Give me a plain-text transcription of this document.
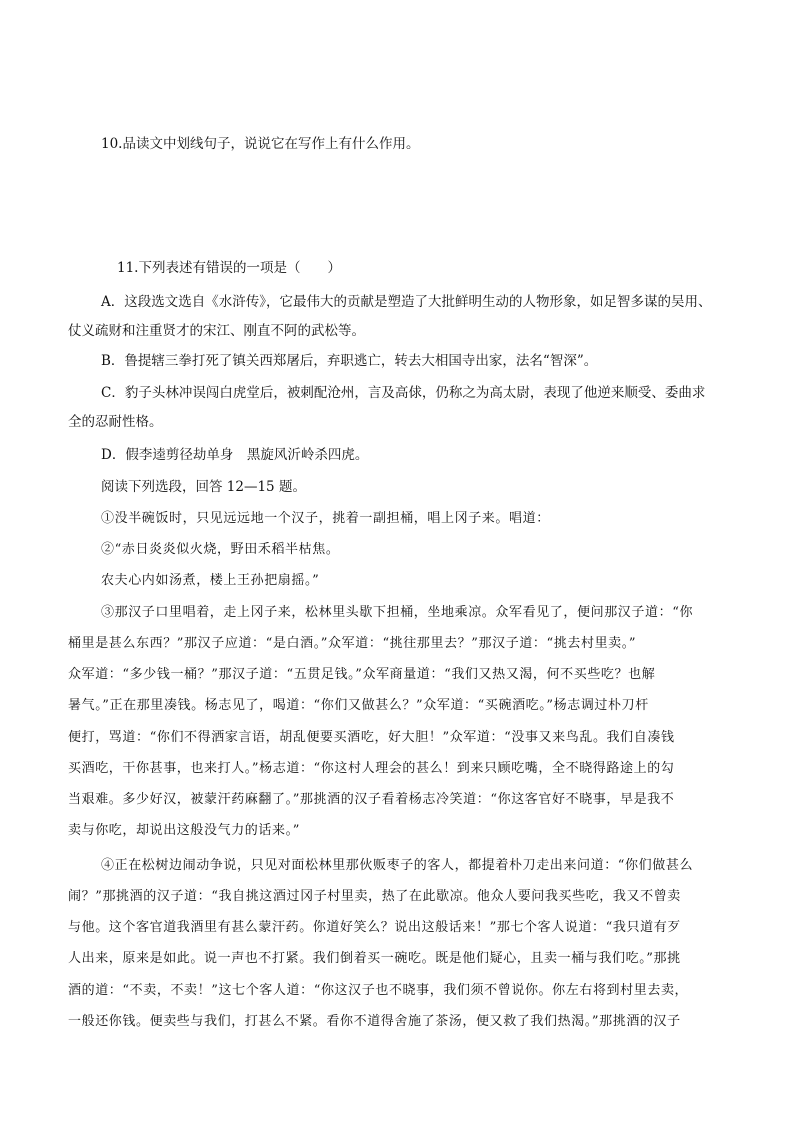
10.品读文中划线句子，说说它在写作上有什么作用。
11.下列表述有错误的一项是（　　）
A．这段选文选自《水浒传》，它最伟大的贡献是塑造了大批鲜明生动的人物形象，如足智多谋的吴用、
仗义疏财和注重贤才的宋江、刚直不阿的武松等。
B．鲁提辖三拳打死了镇关西郑屠后，弃职逃亡，转去大相国寺出家，法名“智深”。
C．豹子头林冲误闯白虎堂后，被刺配沧州，言及高俅，仍称之为高太尉，表现了他逆来顺受、委曲求
全的忍耐性格。
D．假李逵剪径劫单身　黑旋风沂岭杀四虎。
阅读下列选段，回答 12—15 题。
①没半碗饭时，只见远远地一个汉子，挑着一副担桶，唱上冈子来。唱道：
②“赤日炎炎似火烧，野田禾稻半枯焦。
农夫心内如汤煮，楼上王孙把扇摇。”
③那汉子口里唱着，走上冈子来，松林里头歇下担桶，坐地乘凉。众军看见了，便问那汉子道：“你
桶里是甚么东西？”那汉子应道：“是白酒。”众军道：“挑往那里去？”那汉子道：“挑去村里卖。”
众军道：“多少钱一桶？”那汉子道：“五贯足钱。”众军商量道：“我们又热又渴，何不买些吃？也解
暑气。”正在那里凑钱。杨志见了，喝道：“你们又做甚么？”众军道：“买碗酒吃。”杨志调过朴刀杆
便打，骂道：“你们不得洒家言语，胡乱便要买酒吃，好大胆！”众军道：“没事又来鸟乱。我们自凑钱
买酒吃，干你甚事，也来打人。”杨志道：“你这村人理会的甚么！到来只顾吃嘴，全不晓得路途上的勾
当艰难。多少好汉，被蒙汗药麻翻了。”那挑酒的汉子看着杨志冷笑道：“你这客官好不晓事，早是我不
卖与你吃，却说出这般没气力的话来。”
④正在松树边闹动争说，只见对面松林里那伙贩枣子的客人，都提着朴刀走出来问道：“你们做甚么
闹？”那挑酒的汉子道：“我自挑这酒过冈子村里卖，热了在此歇凉。他众人要问我买些吃，我又不曾卖
与他。这个客官道我酒里有甚么蒙汗药。你道好笑么？说出这般话来！”那七个客人说道：“我只道有歹
人出来，原来是如此。说一声也不打紧。我们倒着买一碗吃。既是他们疑心，且卖一桶与我们吃。”那挑
酒的道：“不卖，不卖！”这七个客人道：“你这汉子也不晓事，我们须不曾说你。你左右将到村里去卖，
一般还你钱。便卖些与我们，打甚么不紧。看你不道得舍施了茶汤，便又救了我们热渴。”那挑酒的汉子
